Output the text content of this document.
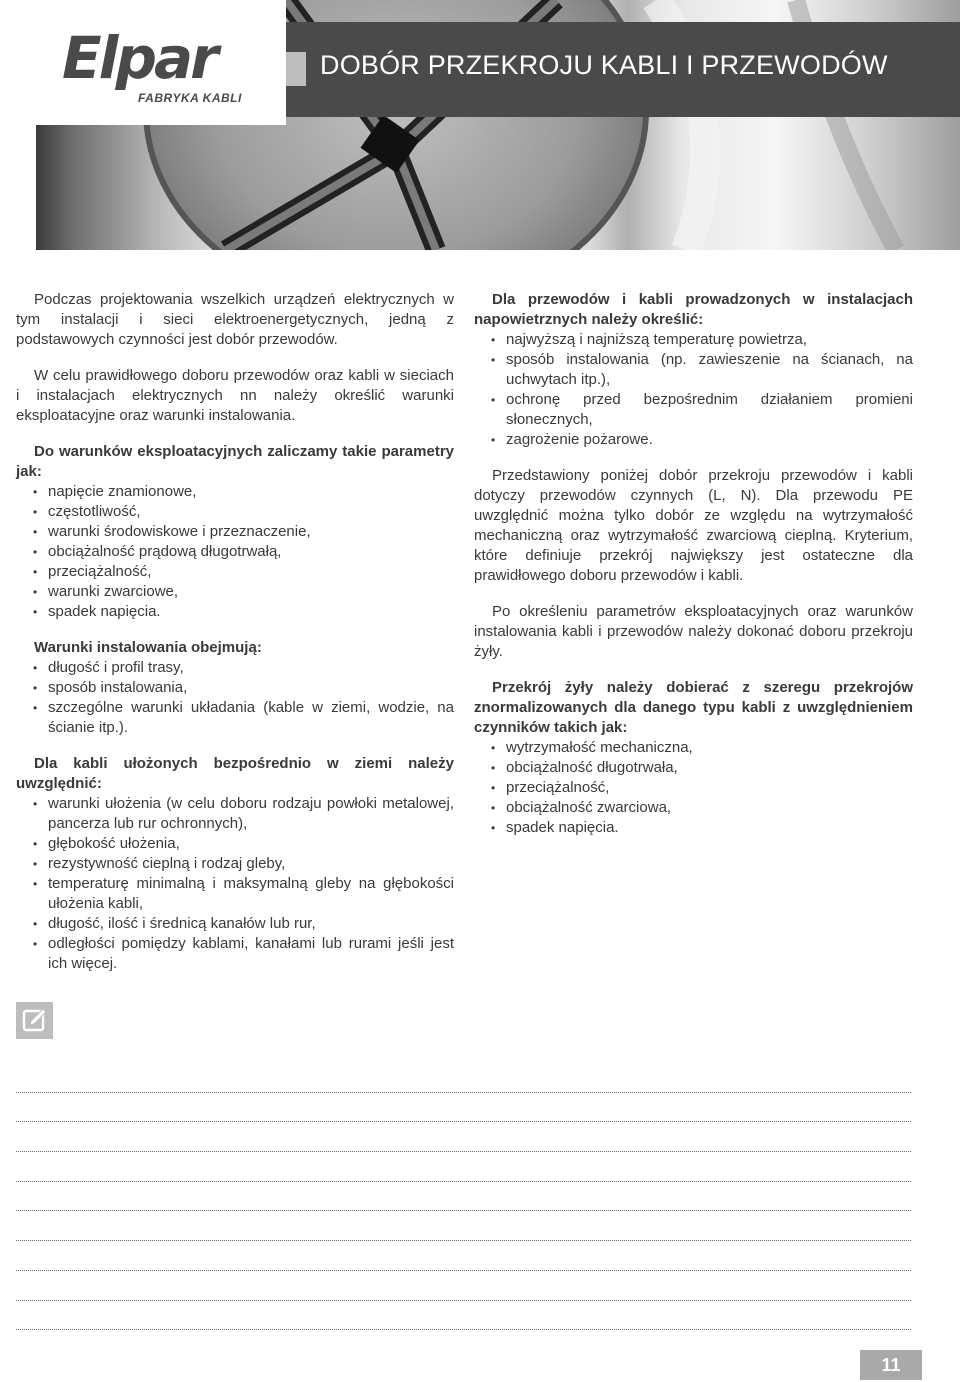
Elpar
FABRYKA KABLI
DOBÓR PRZEKROJU KABLI I PRZEWODÓW

Podczas projektowania wszelkich urządzeń elektrycznych w tym instalacji i sieci elektroenergetycznych, jedną z podstawowych czynności jest dobór przewodów.

W celu prawidłowego doboru przewodów oraz kabli w sieciach i instalacjach elektrycznych nn należy określić warunki eksploatacyjne oraz warunki instalowania.

Do warunków eksploatacyjnych zaliczamy takie parametry jak:

• napięcie znamionowe,
• częstotliwość,
• warunki środowiskowe i przeznaczenie,
• obciążalność prądową długotrwałą,
• przeciążalność,
• warunki zwarciowe,
• spadek napięcia.

Warunki instalowania obejmują:

• długość i profil trasy,
• sposób instalowania,
• szczególne warunki układania (kable w ziemi, wodzie, na ścianie itp.).

Dla kabli ułożonych bezpośrednio w ziemi należy uwzględnić:

• warunki ułożenia (w celu doboru rodzaju powłoki metalowej, pancerza lub rur ochronnych),
• głębokość ułożenia,
• rezystywność cieplną i rodzaj gleby,
• temperaturę minimalną i maksymalną gleby na głębokości ułożenia kabli,
• długość, ilość i średnicą kanałów lub rur,
• odległości pomiędzy kablami, kanałami lub rurami jeśli jest ich więcej.

Dla przewodów i kabli prowadzonych w instalacjach napowietrznych należy określić:

• najwyższą i najniższą temperaturę powietrza,
• sposób instalowania (np. zawieszenie na ścianach, na uchwytach itp.),
• ochronę przed bezpośrednim działaniem promieni słonecznych,
• zagrożenie pożarowe.

Przedstawiony poniżej dobór przekroju przewodów i kabli dotyczy przewodów czynnych (L, N). Dla przewodu PE uwzględnić można tylko dobór ze względu na wytrzymałość mechaniczną oraz wytrzymałość zwarciową cieplną. Kryterium, które definiuje przekrój największy jest ostateczne dla prawidłowego doboru przewodów i kabli.

Po określeniu parametrów eksploatacyjnych oraz warunków instalowania kabli i przewodów należy dokonać doboru przekroju żyły.

Przekrój żyły należy dobierać z szeregu przekrojów znormalizowanych dla danego typu kabli z uwzględnieniem czynników takich jak:

• wytrzymałość mechaniczna,
• obciążalność długotrwała,
• przeciążalność,
• obciążalność zwarciowa,
• spadek napięcia.
11
